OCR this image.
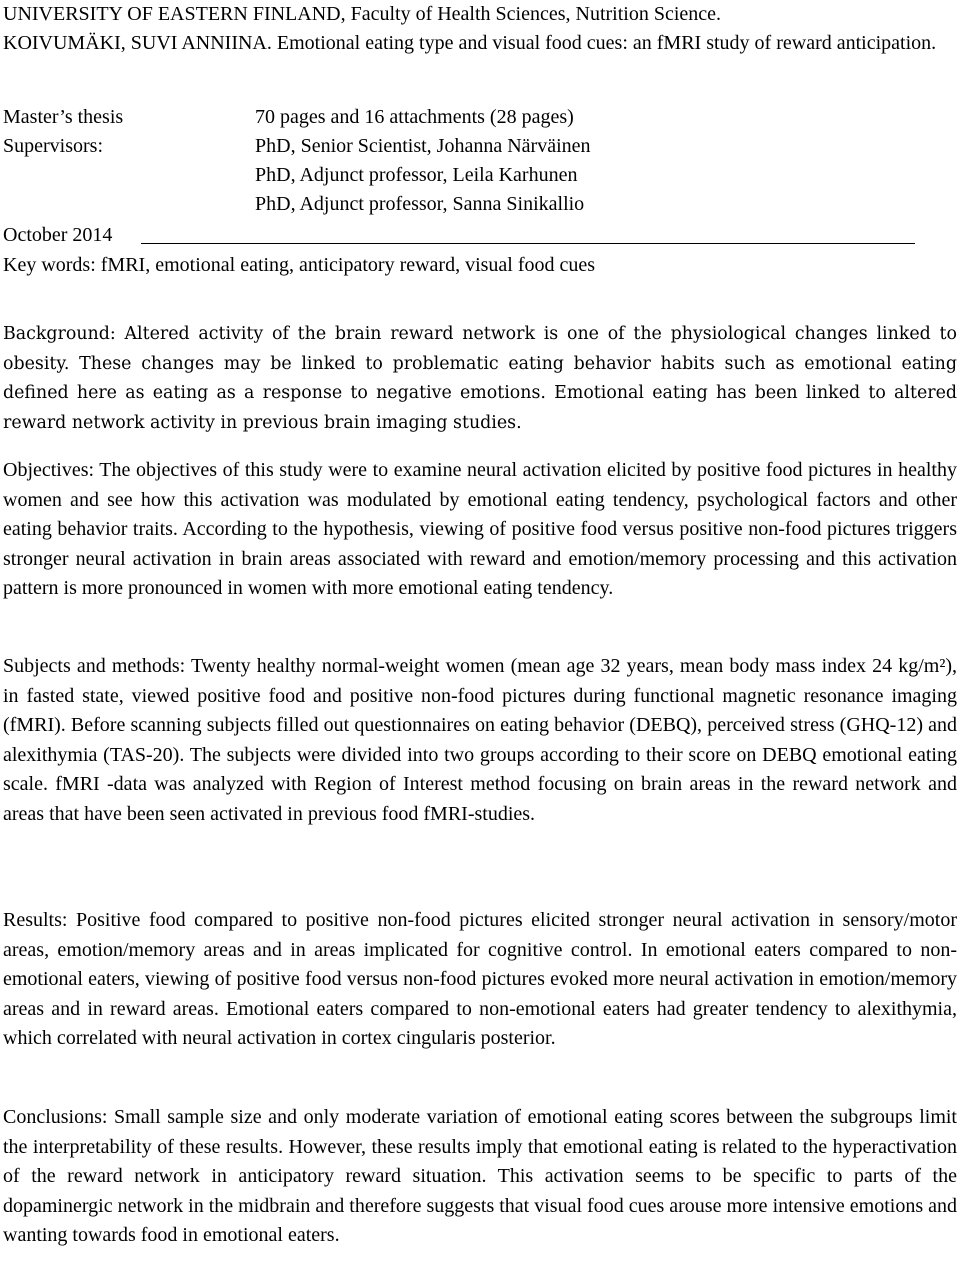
UNIVERSITY OF EASTERN FINLAND, Faculty of Health Sciences, Nutrition Science.
KOIVUMÄKI, SUVI ANNIINA. Emotional eating type and visual food cues: an fMRI study of reward anticipation.
Master’s thesis	70 pages and 16 attachments (28 pages)
Supervisors:	PhD, Senior Scientist, Johanna Närväinen
PhD, Adjunct professor, Leila Karhunen
PhD, Adjunct professor, Sanna Sinikallio
October 2014
Key words: fMRI, emotional eating, anticipatory reward, visual food cues

Background: Altered activity of the brain reward network is one of the physiological changes linked to obesity. These changes may be linked to problematic eating behavior habits such as emotional eating defined here as eating as a response to negative emotions. Emotional eating has been linked to altered reward network activity in previous brain imaging studies.

Objectives: The objectives of this study were to examine neural activation elicited by positive food pictures in healthy women and see how this activation was modulated by emotional eating tendency, psychological factors and other eating behavior traits. According to the hypothesis, viewing of positive food versus positive non-food pictures triggers stronger neural activation in brain areas associated with reward and emotion/memory processing and this activation pattern is more pronounced in women with more emotional eating tendency.

Subjects and methods: Twenty healthy normal-weight women (mean age 32 years, mean body mass index 24 kg/m²), in fasted state, viewed positive food and positive non-food pictures during functional magnetic resonance imaging (fMRI). Before scanning subjects filled out questionnaires on eating behavior (DEBQ), perceived stress (GHQ-12) and alexithymia (TAS-20). The subjects were divided into two groups according to their score on DEBQ emotional eating scale. fMRI -data was analyzed with Region of Interest method focusing on brain areas in the reward network and areas that have been seen activated in previous food fMRI-studies.

Results: Positive food compared to positive non-food pictures elicited stronger neural activation in sensory/motor areas, emotion/memory areas and in areas implicated for cognitive control. In emotional eaters compared to non-emotional eaters, viewing of positive food versus non-food pictures evoked more neural activation in emotion/memory areas and in reward areas. Emotional eaters compared to non-emotional eaters had greater tendency to alexithymia, which correlated with neural activation in cortex cingularis posterior.

Conclusions: Small sample size and only moderate variation of emotional eating scores between the subgroups limit the interpretability of these results. However, these results imply that emotional eating is related to the hyperactivation of the reward network in anticipatory reward situation. This activation seems to be specific to parts of the dopaminergic network in the midbrain and therefore suggests that visual food cues arouse more intensive emotions and wanting towards food in emotional eaters.
